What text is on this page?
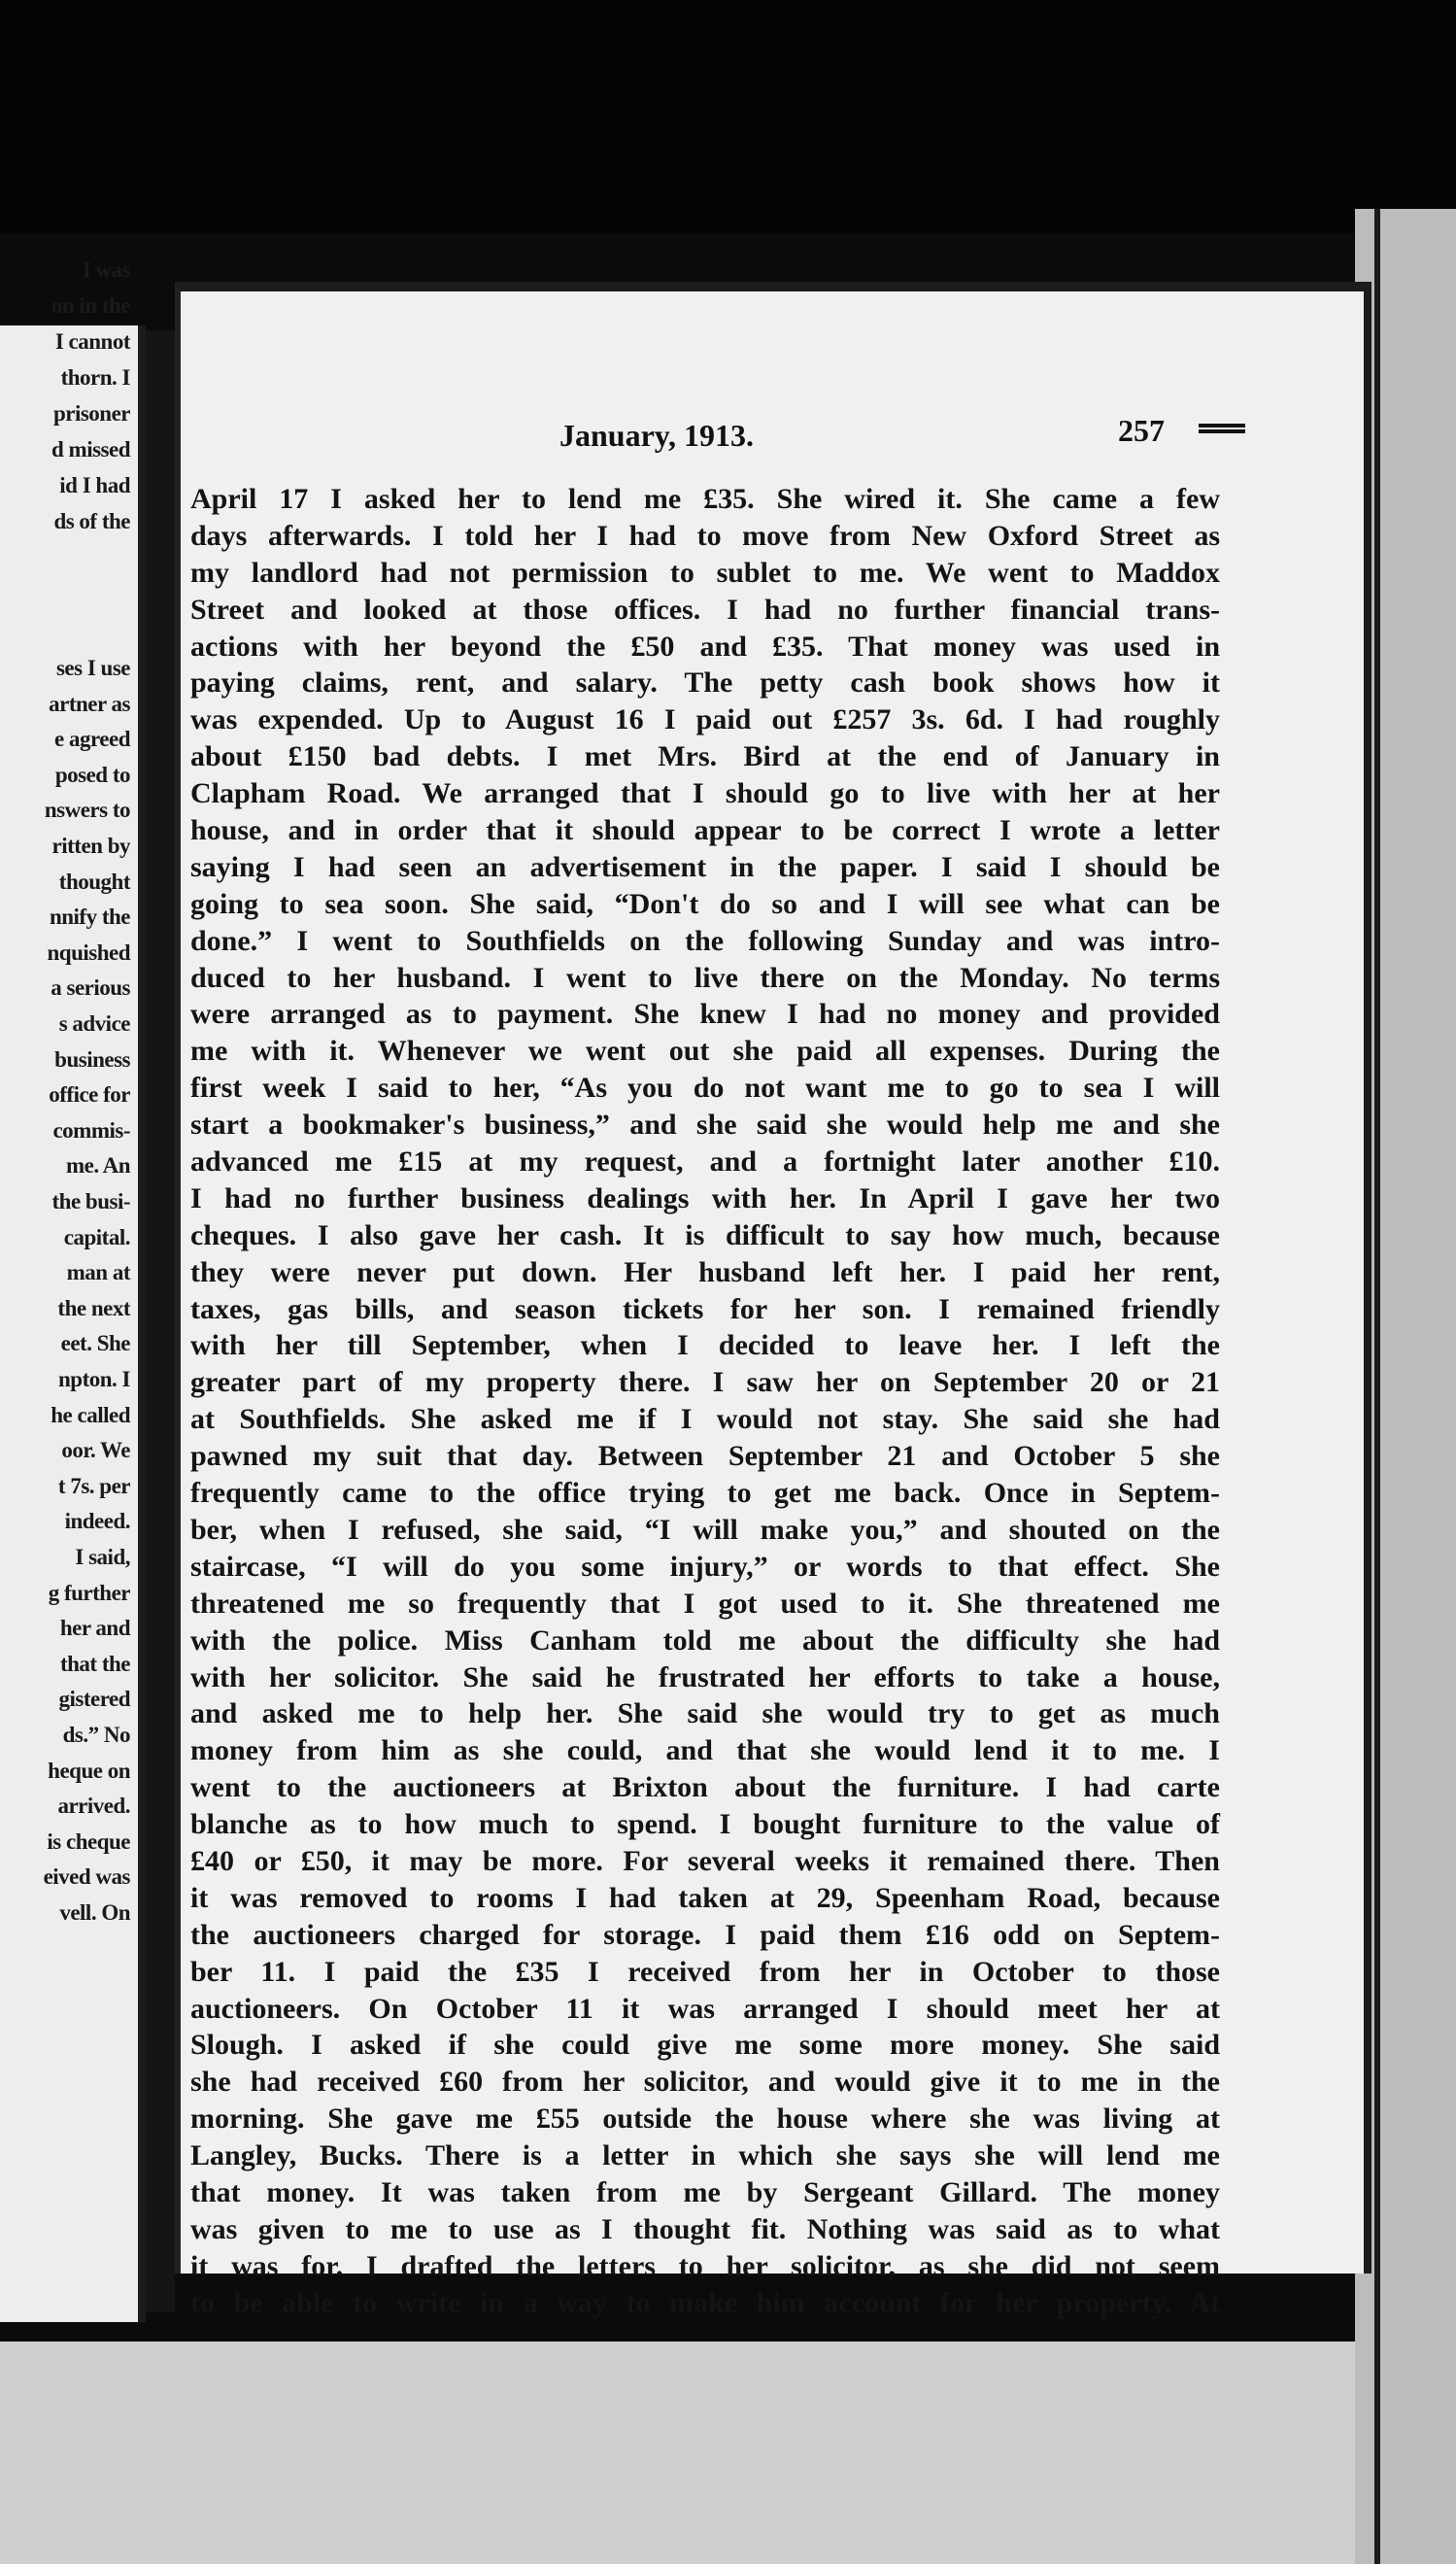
I was
on in the
I cannot
thorn. I
prisoner
d missed
id I had
ds of the
ses I use
artner as
e agreed
posed to
nswers to
ritten by
thought
nnify the
nquished
a serious
s advice
business
office for
commis-
me. An
the busi-
capital.
man at
the next
eet. She
npton. I
he called
oor. We
t 7s. per
indeed.
I said,
g further
her and
that the
gistered
ds.” No
heque on
arrived.
is cheque
eived was
vell. On
January, 1913.	257
April 17 I asked her to lend me £35. She wired it. She came a few
days afterwards. I told her I had to move from New Oxford Street as
my landlord had not permission to sublet to me. We went to Maddox
Street and looked at those offices. I had no further financial trans-
actions with her beyond the £50 and £35. That money was used in
paying claims, rent, and salary. The petty cash book shows how it
was expended. Up to August 16 I paid out £257 3s. 6d. I had roughly
about £150 bad debts. I met Mrs. Bird at the end of January in
Clapham Road. We arranged that I should go to live with her at her
house, and in order that it should appear to be correct I wrote a letter
saying I had seen an advertisement in the paper. I said I should be
going to sea soon. She said, “Don't do so and I will see what can be
done.” I went to Southfields on the following Sunday and was intro-
duced to her husband. I went to live there on the Monday. No terms
were arranged as to payment. She knew I had no money and provided
me with it. Whenever we went out she paid all expenses. During the
first week I said to her, “As you do not want me to go to sea I will
start a bookmaker's business,” and she said she would help me and she
advanced me £15 at my request, and a fortnight later another £10.
I had no further business dealings with her. In April I gave her two
cheques. I also gave her cash. It is difficult to say how much, because
they were never put down. Her husband left her. I paid her rent,
taxes, gas bills, and season tickets for her son. I remained friendly
with her till September, when I decided to leave her. I left the
greater part of my property there. I saw her on September 20 or 21
at Southfields. She asked me if I would not stay. She said she had
pawned my suit that day. Between September 21 and October 5 she
frequently came to the office trying to get me back. Once in Septem-
ber, when I refused, she said, “I will make you,” and shouted on the
staircase, “I will do you some injury,” or words to that effect. She
threatened me so frequently that I got used to it. She threatened me
with the police. Miss Canham told me about the difficulty she had
with her solicitor. She said he frustrated her efforts to take a house,
and asked me to help her. She said she would try to get as much
money from him as she could, and that she would lend it to me. I
went to the auctioneers at Brixton about the furniture. I had carte
blanche as to how much to spend. I bought furniture to the value of
£40 or £50, it may be more. For several weeks it remained there. Then
it was removed to rooms I had taken at 29, Speenham Road, because
the auctioneers charged for storage. I paid them £16 odd on Septem-
ber 11. I paid the £35 I received from her in October to those
auctioneers. On October 11 it was arranged I should meet her at
Slough. I asked if she could give me some more money. She said
she had received £60 from her solicitor, and would give it to me in the
morning. She gave me £55 outside the house where she was living at
Langley, Bucks. There is a letter in which she says she will lend me
that money. It was taken from me by Sergeant Gillard. The money
was given to me to use as I thought fit. Nothing was said as to what
it was for. I drafted the letters to her solicitor, as she did not seem
to be able to write in a way to make him account for her property. At
